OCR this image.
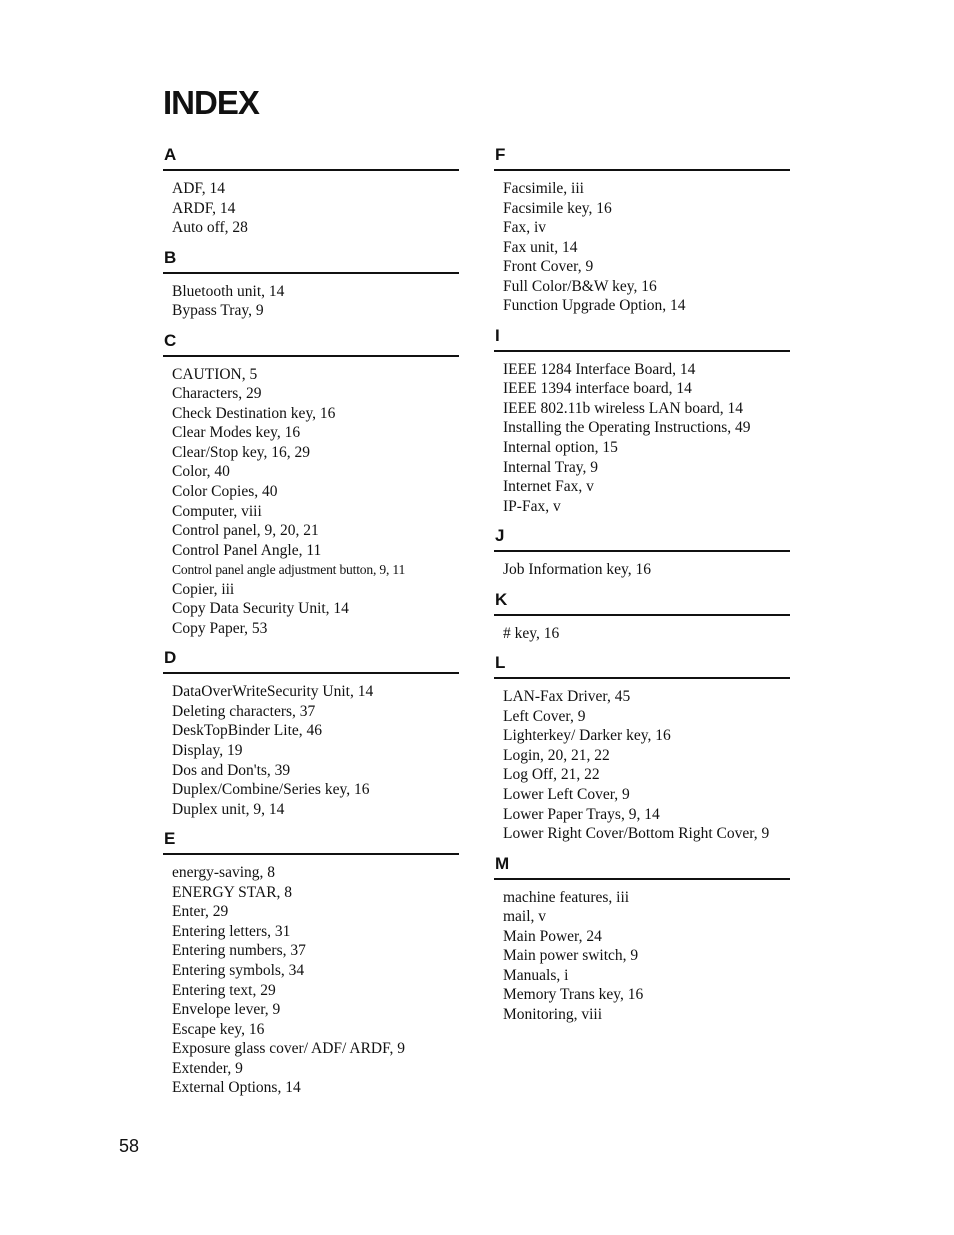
INDEX
A
ADF, 14
ARDF, 14
Auto off, 28
B
Bluetooth unit, 14
Bypass Tray, 9
C
CAUTION, 5
Characters, 29
Check Destination key, 16
Clear Modes key, 16
Clear/Stop key, 16, 29
Color, 40
Color Copies, 40
Computer, viii
Control panel, 9, 20, 21
Control Panel Angle, 11
Control panel angle adjustment button, 9, 11
Copier, iii
Copy Data Security Unit, 14
Copy Paper, 53
D
DataOverWriteSecurity Unit, 14
Deleting characters, 37
DeskTopBinder Lite, 46
Display, 19
Dos and Don'ts, 39
Duplex/Combine/Series key, 16
Duplex unit, 9, 14
E
energy-saving, 8
ENERGY STAR, 8
Enter, 29
Entering letters, 31
Entering numbers, 37
Entering symbols, 34
Entering text, 29
Envelope lever, 9
Escape key, 16
Exposure glass cover/ ADF/ ARDF, 9
Extender, 9
External Options, 14
F
Facsimile, iii
Facsimile key, 16
Fax, iv
Fax unit, 14
Front Cover, 9
Full Color/B&W key, 16
Function Upgrade Option, 14
I
IEEE 1284 Interface Board, 14
IEEE 1394 interface board, 14
IEEE 802.11b wireless LAN board, 14
Installing the Operating Instructions, 49
Internal option, 15
Internal Tray, 9
Internet Fax, v
IP-Fax, v
J
Job Information key, 16
K
# key, 16
L
LAN-Fax Driver, 45
Left Cover, 9
Lighterkey/ Darker key, 16
Login, 20, 21, 22
Log Off, 21, 22
Lower Left Cover, 9
Lower Paper Trays, 9, 14
Lower Right Cover/Bottom Right Cover, 9
M
machine features, iii
mail, v
Main Power, 24
Main power switch, 9
Manuals, i
Memory Trans key, 16
Monitoring, viii
58
